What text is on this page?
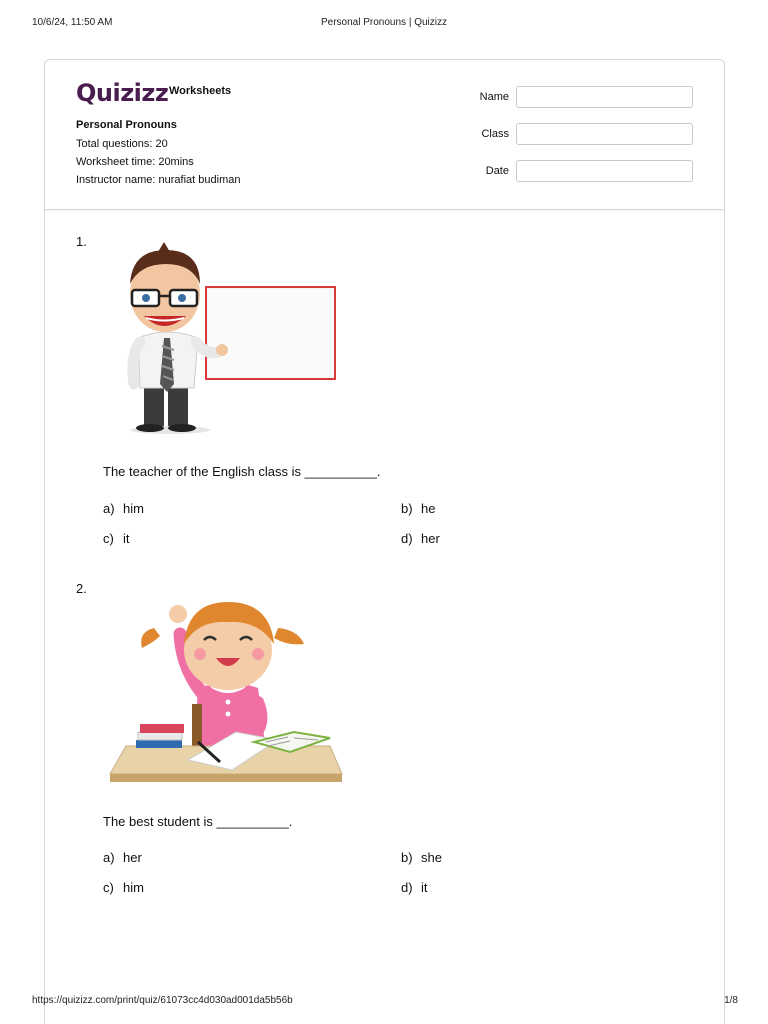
10/6/24, 11:50 AM	Personal Pronouns | Quizizz
Quizizz Worksheets
Personal Pronouns
Total questions: 20
Worksheet time: 20mins
Instructor name: nurafiat budiman
Name
Class
Date
1.
The teacher of the English class is __________.
a) him	b) he
c) it	d) her
2.
The best student is __________.
a) her	b) she
c) him	d) it
https://quizizz.com/print/quiz/61073cc4d030ad001da5b56b	1/8
